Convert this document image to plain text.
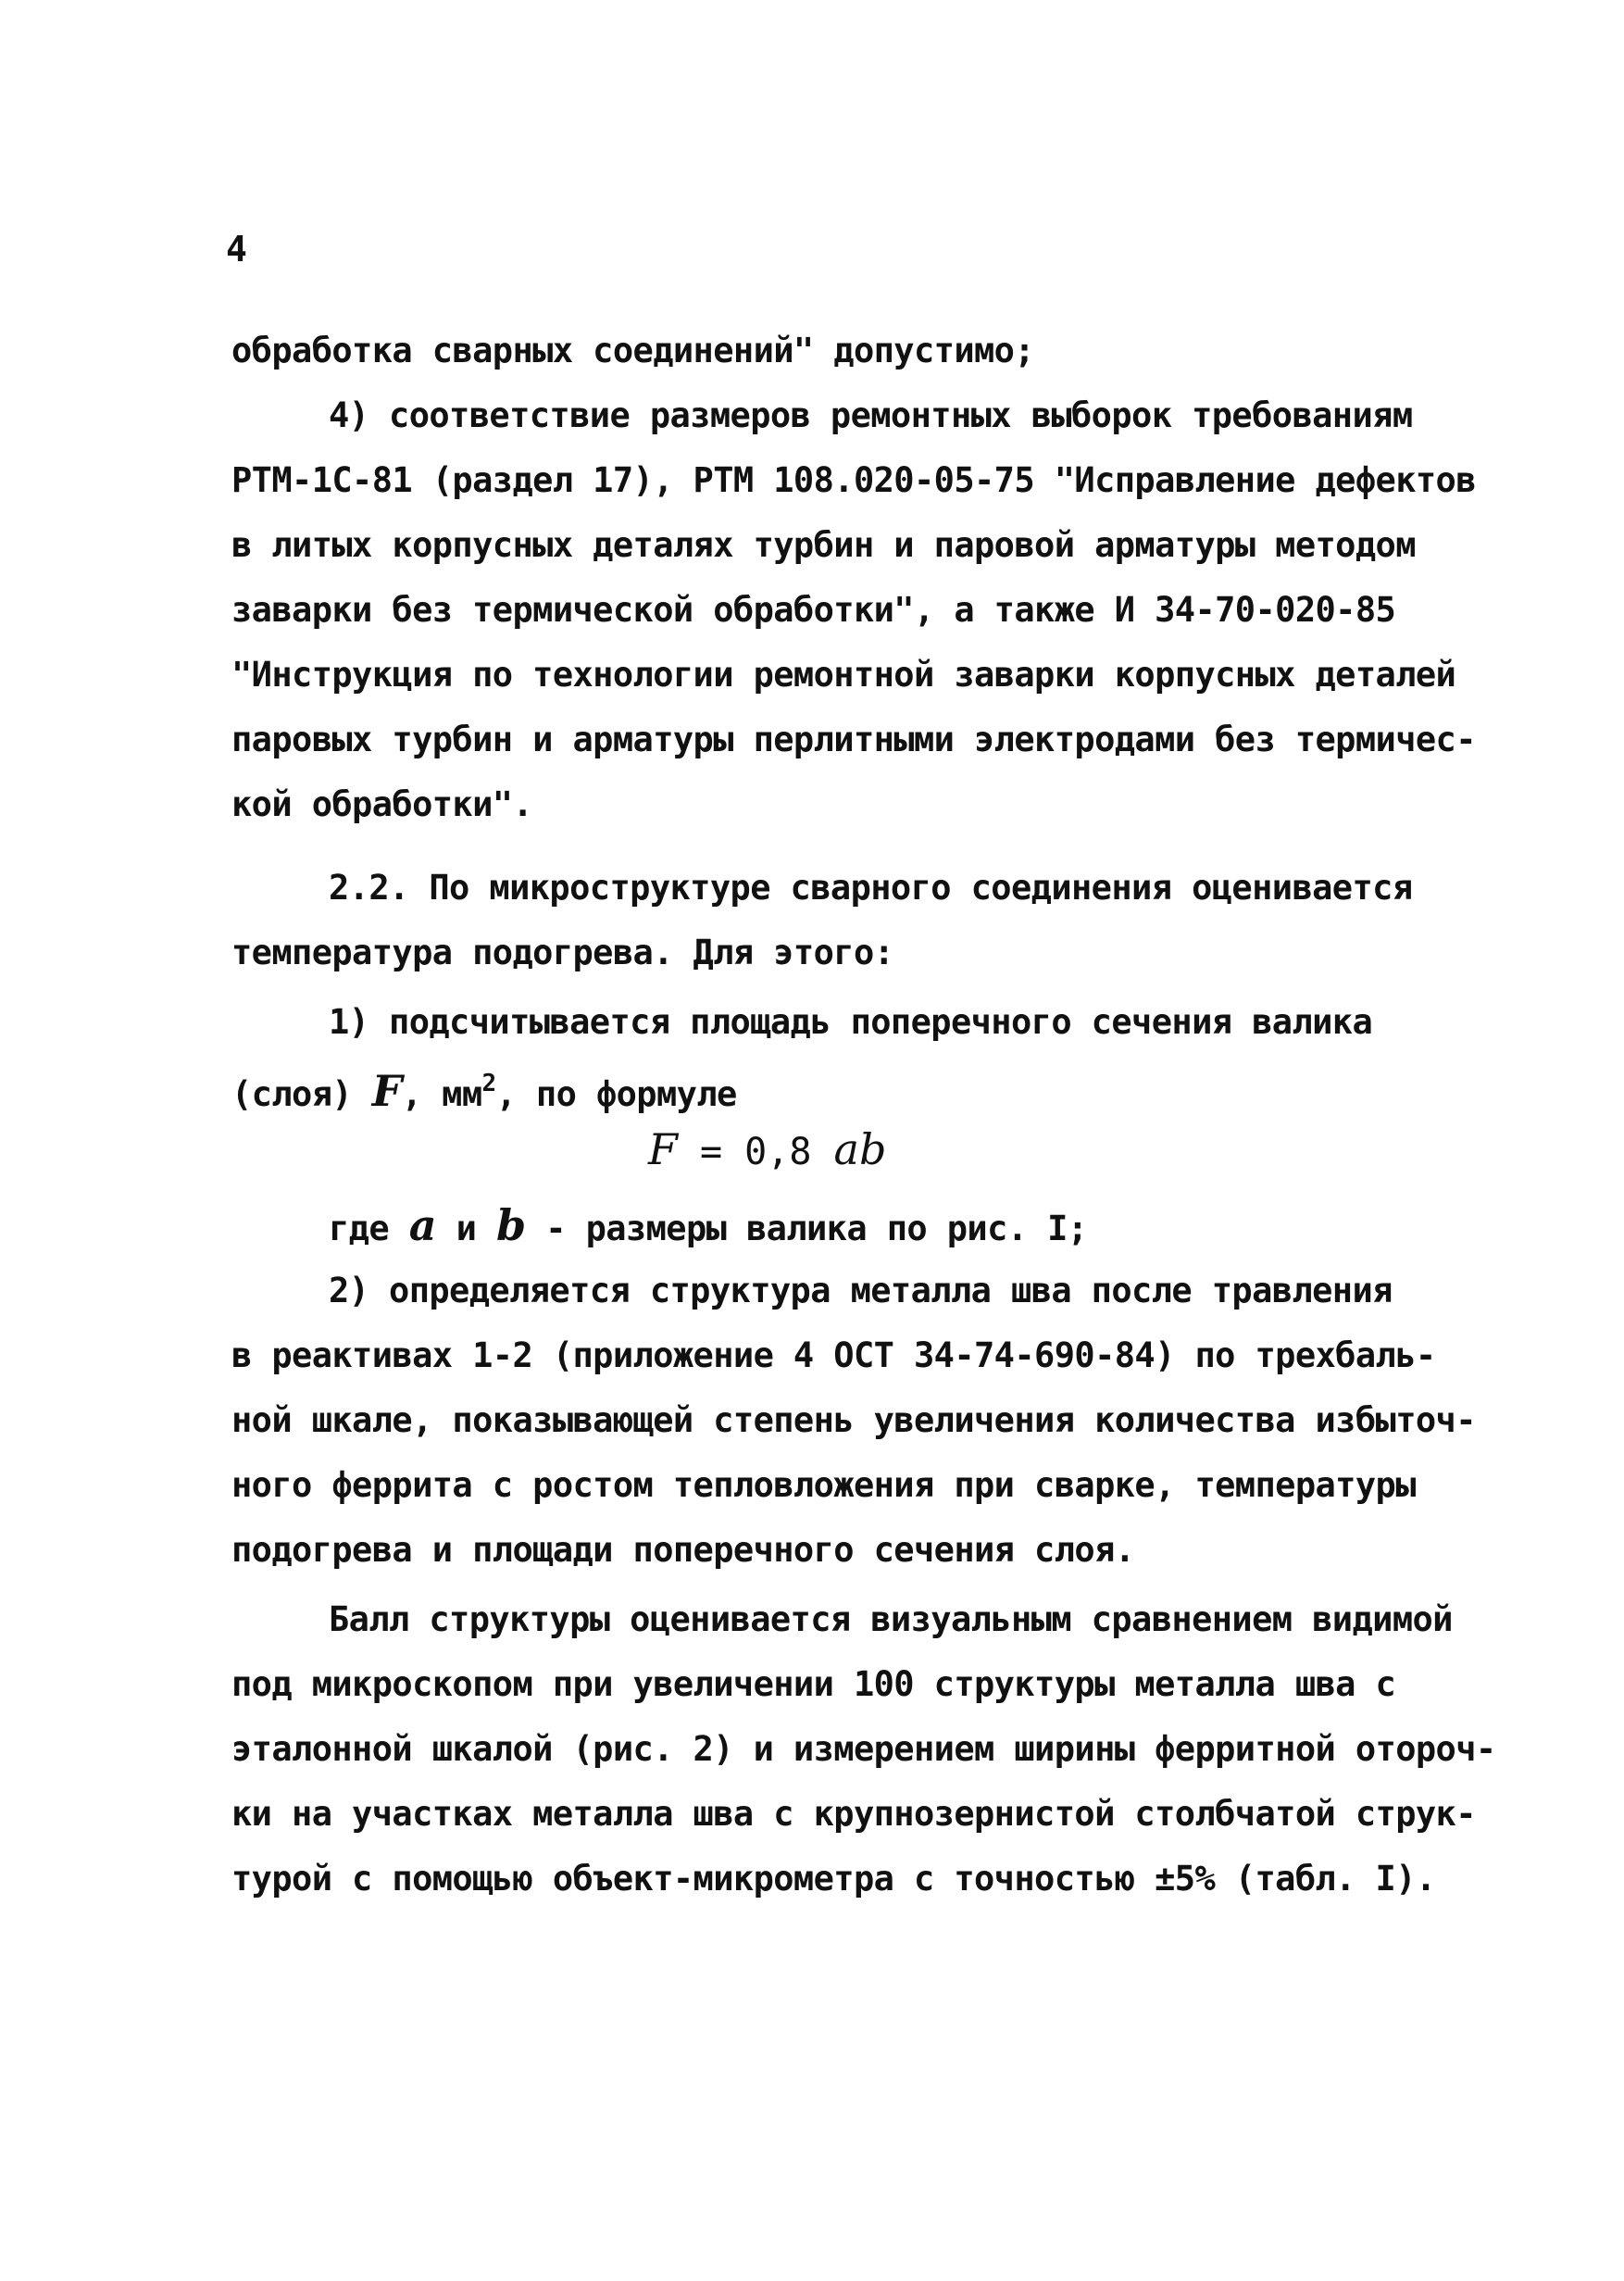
4
обработка сварных соединений" допустимо;
4) соответствие размеров ремонтных выборок требованиям
РТМ-1С-81 (раздел 17), РТМ 108.020-05-75 "Исправление дефектов
в литых корпусных деталях турбин и паровой арматуры методом
заварки без термической обработки", а также И 34-70-020-85
"Инструкция по технологии ремонтной заварки корпусных деталей
паровых турбин и арматуры перлитными электродами без термичес-
кой обработки".
2.2. По микроструктуре сварного соединения оценивается
температура подогрева. Для этого:
1) подсчитывается площадь поперечного сечения валика
(слоя) F, $мм^2$, по формуле
F = 0,8 ab
где a и b - размеры валика по рис. I;
2) определяется структура металла шва после травления
в реактивах 1-2 (приложение 4 ОСТ 34-74-690-84) по трехбаль-
ной шкале, показывающей степень увеличения количества избыточ-
ного феррита с ростом тепловложения при сварке, температуры
подогрева и площади поперечного сечения слоя.
Балл структуры оценивается визуальным сравнением видимой
под микроскопом при увеличении 100 структуры металла шва с
эталонной шкалой (рис. 2) и измерением ширины ферритной отороч-
ки на участках металла шва с крупнозернистой столбчатой струк-
турой с помощью объект-микрометра с точностью ±5% (табл. I).
